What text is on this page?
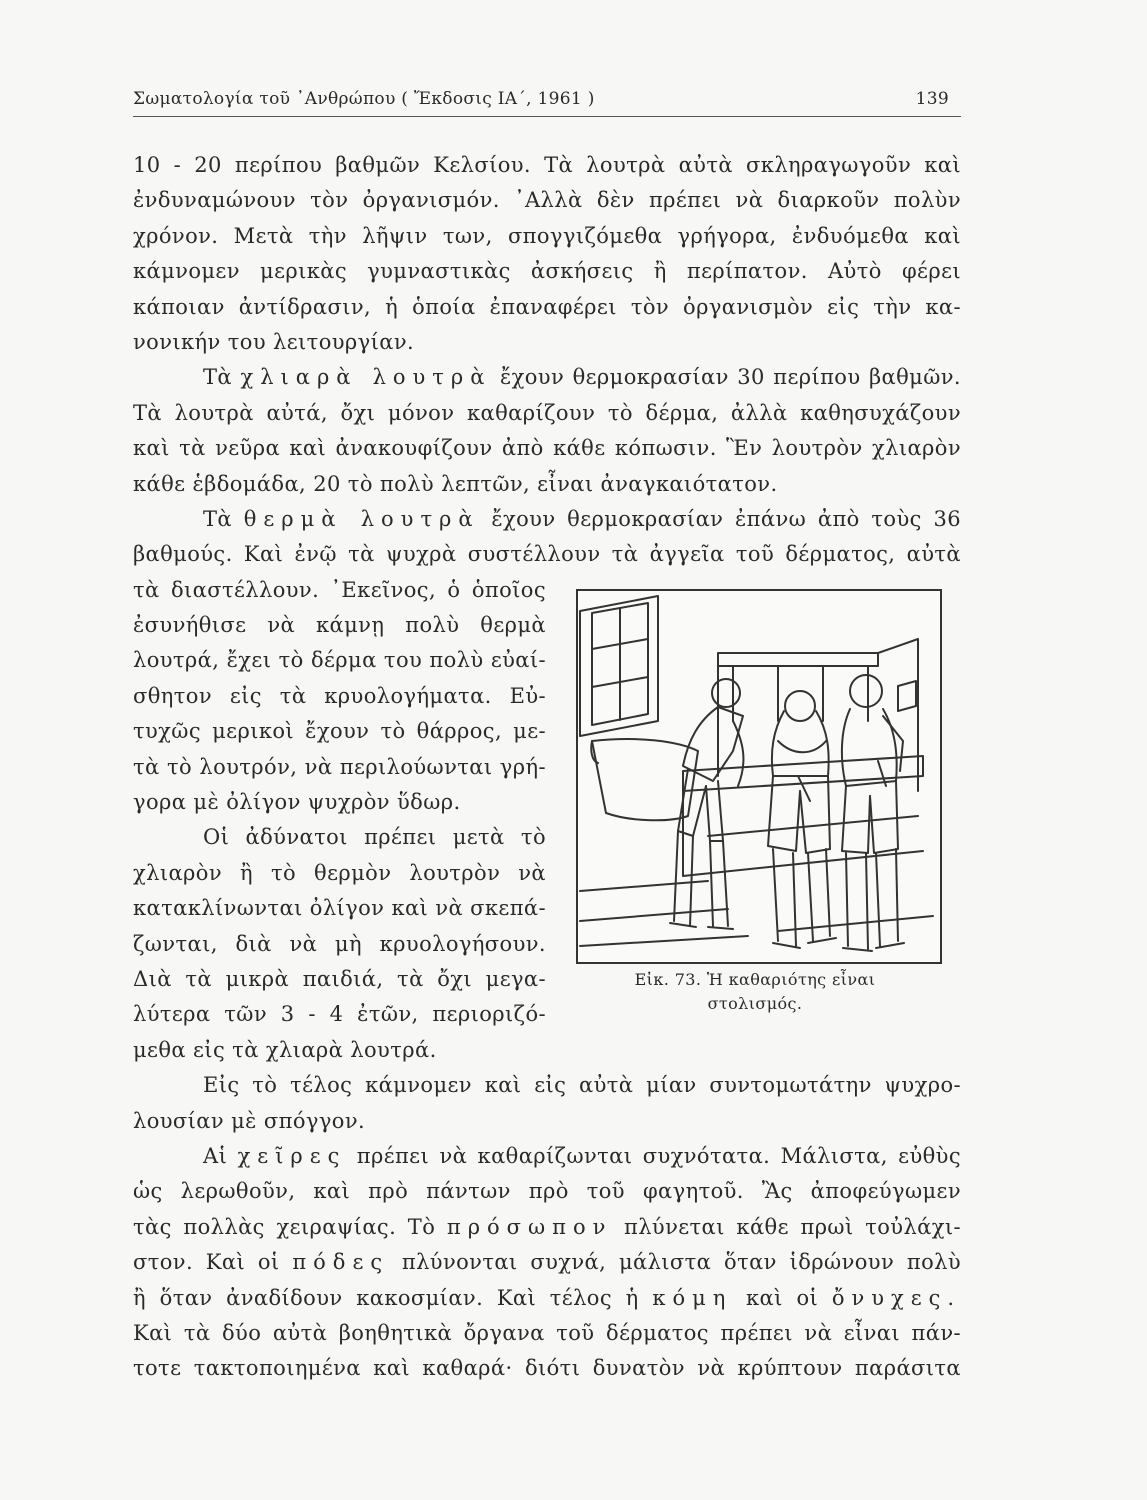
Σωματολογία τοῦ ᾿Ανθρώπου ( Ἔκδοσις ΙΑ΄, 1961 )	139
10 - 20 περίπου βαθμῶν Κελσίου. Τὰ λουτρὰ αὐτὰ σκληραγωγοῦν καὶ
ἐνδυναμώνουν τὸν ὀργανισμόν. ᾿Αλλὰ δὲν πρέπει νὰ διαρκοῦν πολὺν
χρόνον. Μετὰ τὴν λῆψιν των, σπογγιζόμεθα γρήγορα, ἐνδυόμεθα καὶ
κάμνομεν μερικὰς γυμναστικὰς ἀσκήσεις ἢ περίπατον. Αὐτὸ φέρει
κάποιαν ἀντίδρασιν, ἡ ὁποία ἐπαναφέρει τὸν ὀργανισμὸν εἰς τὴν κα-
νονικήν του λειτουργίαν.
Τὰ χλιαρὰ λουτρὰ ἔχουν θερμοκρασίαν 30 περίπου βαθμῶν.
Τὰ λουτρὰ αὐτά, ὄχι μόνον καθαρίζουν τὸ δέρμα, ἀλλὰ καθησυχάζουν
καὶ τὰ νεῦρα καὶ ἀνακουφίζουν ἀπὸ κάθε κόπωσιν. Ἓν λουτρὸν χλιαρὸν
κάθε ἑβδομάδα, 20 τὸ πολὺ λεπτῶν, εἶναι ἀναγκαιότατον.
Τὰ θερμὰ λουτρὰ ἔχουν θερμοκρασίαν ἐπάνω ἀπὸ τοὺς 36
βαθμούς. Καὶ ἐνῷ τὰ ψυχρὰ συστέλλουν τὰ ἀγγεῖα τοῦ δέρματος, αὐτὰ
τὰ διαστέλλουν. ᾿Εκεῖνος, ὁ ὁποῖος
ἐσυνήθισε νὰ κάμνῃ πολὺ θερμὰ
λουτρά, ἔχει τὸ δέρμα του πολὺ εὐαί-
σθητον εἰς τὰ κρυολογήματα. Εὐ-
τυχῶς μερικοὶ ἔχουν τὸ θάρρος, με-
τὰ τὸ λουτρόν, νὰ περιλούωνται γρή-
γορα μὲ ὀλίγον ψυχρὸν ὕδωρ.
Οἱ ἀδύνατοι πρέπει μετὰ τὸ
χλιαρὸν ἢ τὸ θερμὸν λουτρὸν νὰ
κατακλίνωνται ὀλίγον καὶ νὰ σκεπά-
ζωνται, διὰ νὰ μὴ κρυολογήσουν.
Διὰ τὰ μικρὰ παιδιά, τὰ ὄχι μεγα-
λύτερα τῶν 3 - 4 ἐτῶν, περιοριζό-
μεθα εἰς τὰ χλιαρὰ λουτρά.
Εἰς τὸ τέλος κάμνομεν καὶ εἰς αὐτὰ μίαν συντομωτάτην ψυχρο-
λουσίαν μὲ σπόγγον.
Αἱ χεῖρες πρέπει νὰ καθαρίζωνται συχνότατα. Μάλιστα, εὐθὺς
ὡς λερωθοῦν, καὶ πρὸ πάντων πρὸ τοῦ φαγητοῦ. Ἂς ἀποφεύγωμεν
τὰς πολλὰς χειραψίας. Τὸ πρόσωπον πλύνεται κάθε πρωὶ τοὐλάχι-
στον. Καὶ οἱ πόδες πλύνονται συχνά, μάλιστα ὅταν ἱδρώνουν πολὺ
ἢ ὅταν ἀναδίδουν κακοσμίαν. Καὶ τέλος ἡ κόμη καὶ οἱ ὄνυχες.
Καὶ τὰ δύο αὐτὰ βοηθητικὰ ὄργανα τοῦ δέρματος πρέπει νὰ εἶναι πάν-
τοτε τακτοποιημένα καὶ καθαρά· διότι δυνατὸν νὰ κρύπτουν παράσιτα
Εἰκ. 73. Ἡ καθαριότης εἶναι
στολισμός.
